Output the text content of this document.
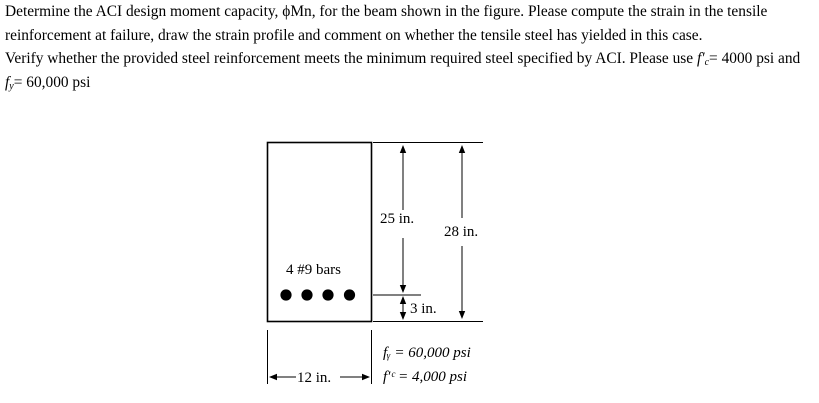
Determine the ACI design moment capacity, ϕMn, for the beam shown in the figure. Please compute the strain in the tensile reinforcement at failure, draw the strain profile and comment on whether the tensile steel has yielded in this case.

Verify whether the provided steel reinforcement meets the minimum required steel specified by ACI. Please use $f'_c= 4000$ psi and $f_y= 60,000$ psi

4 #9 bars
25 in.
28 in.
3 in.
12 in.
fᵧ = 60,000 psi
f′ᶜ = 4,000 psi
